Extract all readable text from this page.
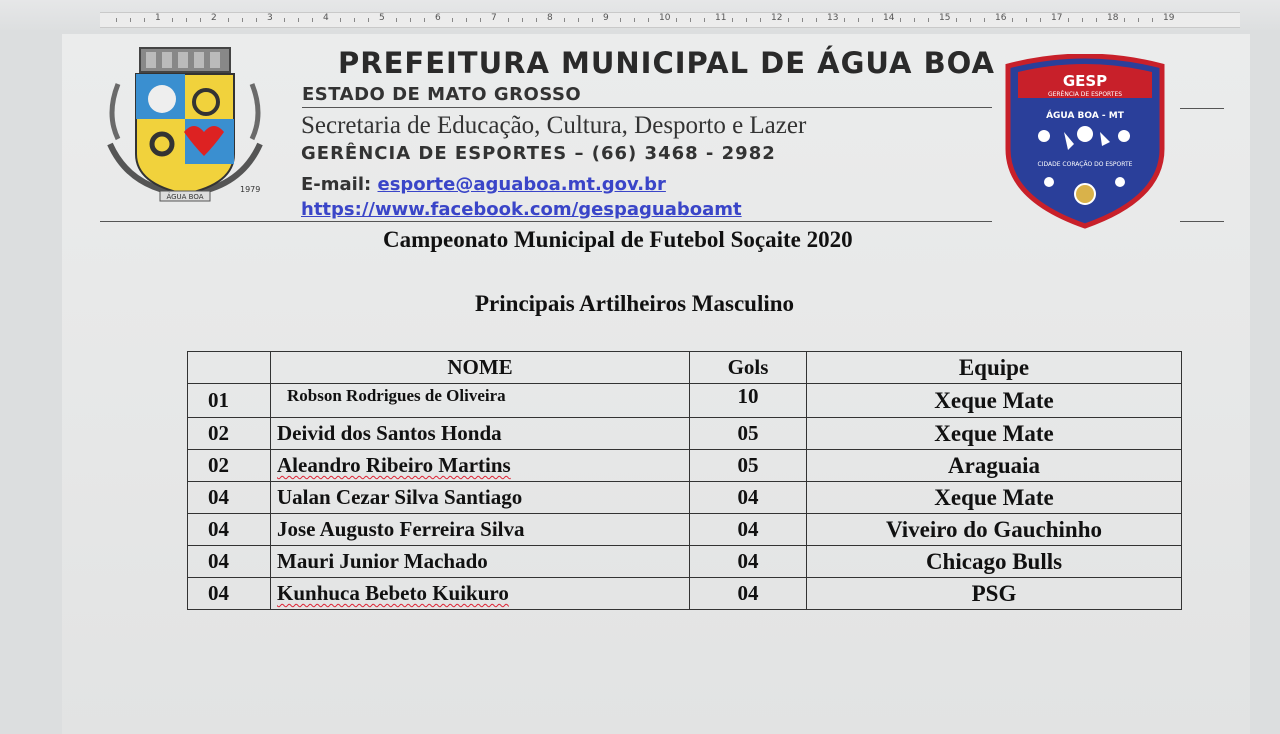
1	2	3	4	5	6	7	8	9	10	11	12	13	14	15	16	17	18	19
ÁGUA BOA
1979
GESP
GERÊNCIA DE ESPORTES
ÁGUA BOA - MT
CIDADE CORAÇÃO DO ESPORTE
PREFEITURA MUNICIPAL DE ÁGUA BOA
ESTADO DE MATO GROSSO
Secretaria de Educação, Cultura, Desporto e Lazer
GERÊNCIA DE ESPORTES – (66) 3468 - 2982
E-mail: esporte@aguaboa.mt.gov.br
https://www.facebook.com/gespaguaboamt
Campeonato Municipal de Futebol Soçaite 2020
Principais Artilheiros Masculino
	NOME	Gols	Equipe
01	Robson Rodrigues de Oliveira	10	Xeque Mate
02	Deivid dos Santos Honda	05	Xeque Mate
02	Aleandro Ribeiro Martins	05	Araguaia
04	Ualan Cezar Silva Santiago	04	Xeque Mate
04	Jose Augusto Ferreira Silva	04	Viveiro do Gauchinho
04	Mauri Junior Machado	04	Chicago Bulls
04	Kunhuca Bebeto Kuikuro	04	PSG
